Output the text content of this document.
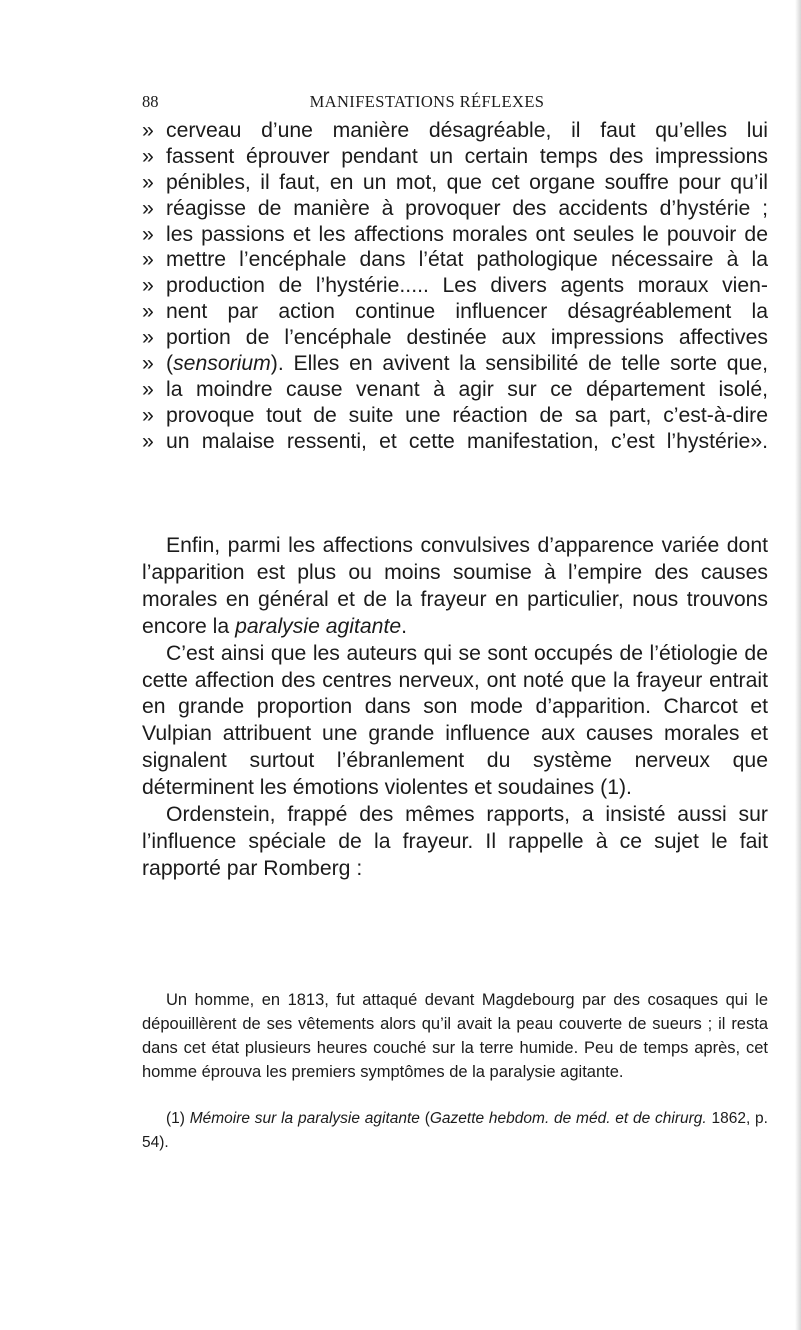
88	MANIFESTATIONS RÉFLEXES
» cerveau d’une manière désagréable, il faut qu’elles lui
» fassent éprouver pendant un certain temps des impressions
» pénibles, il faut, en un mot, que cet organe souffre pour qu’il
» réagisse de manière à provoquer des accidents d’hystérie ;
» les passions et les affections morales ont seules le pouvoir de
» mettre l’encéphale dans l’état pathologique nécessaire à la
» production de l’hystérie..... Les divers agents moraux vien-
» nent par action continue influencer désagréablement la
» portion de l’encéphale destinée aux impressions affectives
» (sensorium). Elles en avivent la sensibilité de telle sorte que,
» la moindre cause venant à agir sur ce département isolé,
» provoque tout de suite une réaction de sa part, c’est-à-dire
» un malaise ressenti, et cette manifestation, c’est l’hystérie».

Enfin, parmi les affections convulsives d’apparence variée dont l’apparition est plus ou moins soumise à l’empire des causes morales en général et de la frayeur en particulier, nous trouvons encore la paralysie agitante.

C’est ainsi que les auteurs qui se sont occupés de l’étiologie de cette affection des centres nerveux, ont noté que la frayeur entrait en grande proportion dans son mode d’apparition. Charcot et Vulpian attribuent une grande influence aux causes morales et signalent surtout l’ébranlement du système nerveux que déterminent les émotions violentes et soudaines (1).

Ordenstein, frappé des mêmes rapports, a insisté aussi sur l’influence spéciale de la frayeur. Il rappelle à ce sujet le fait rapporté par Romberg :

Un homme, en 1813, fut attaqué devant Magdebourg par des cosaques qui le dépouillèrent de ses vêtements alors qu’il avait la peau couverte de sueurs ; il resta dans cet état plusieurs heures couché sur la terre humide. Peu de temps après, cet homme éprouva les premiers symptômes de la paralysie agitante.

(1) Mémoire sur la paralysie agitante (Gazette hebdom. de méd. et de chirurg. 1862, p. 54).
